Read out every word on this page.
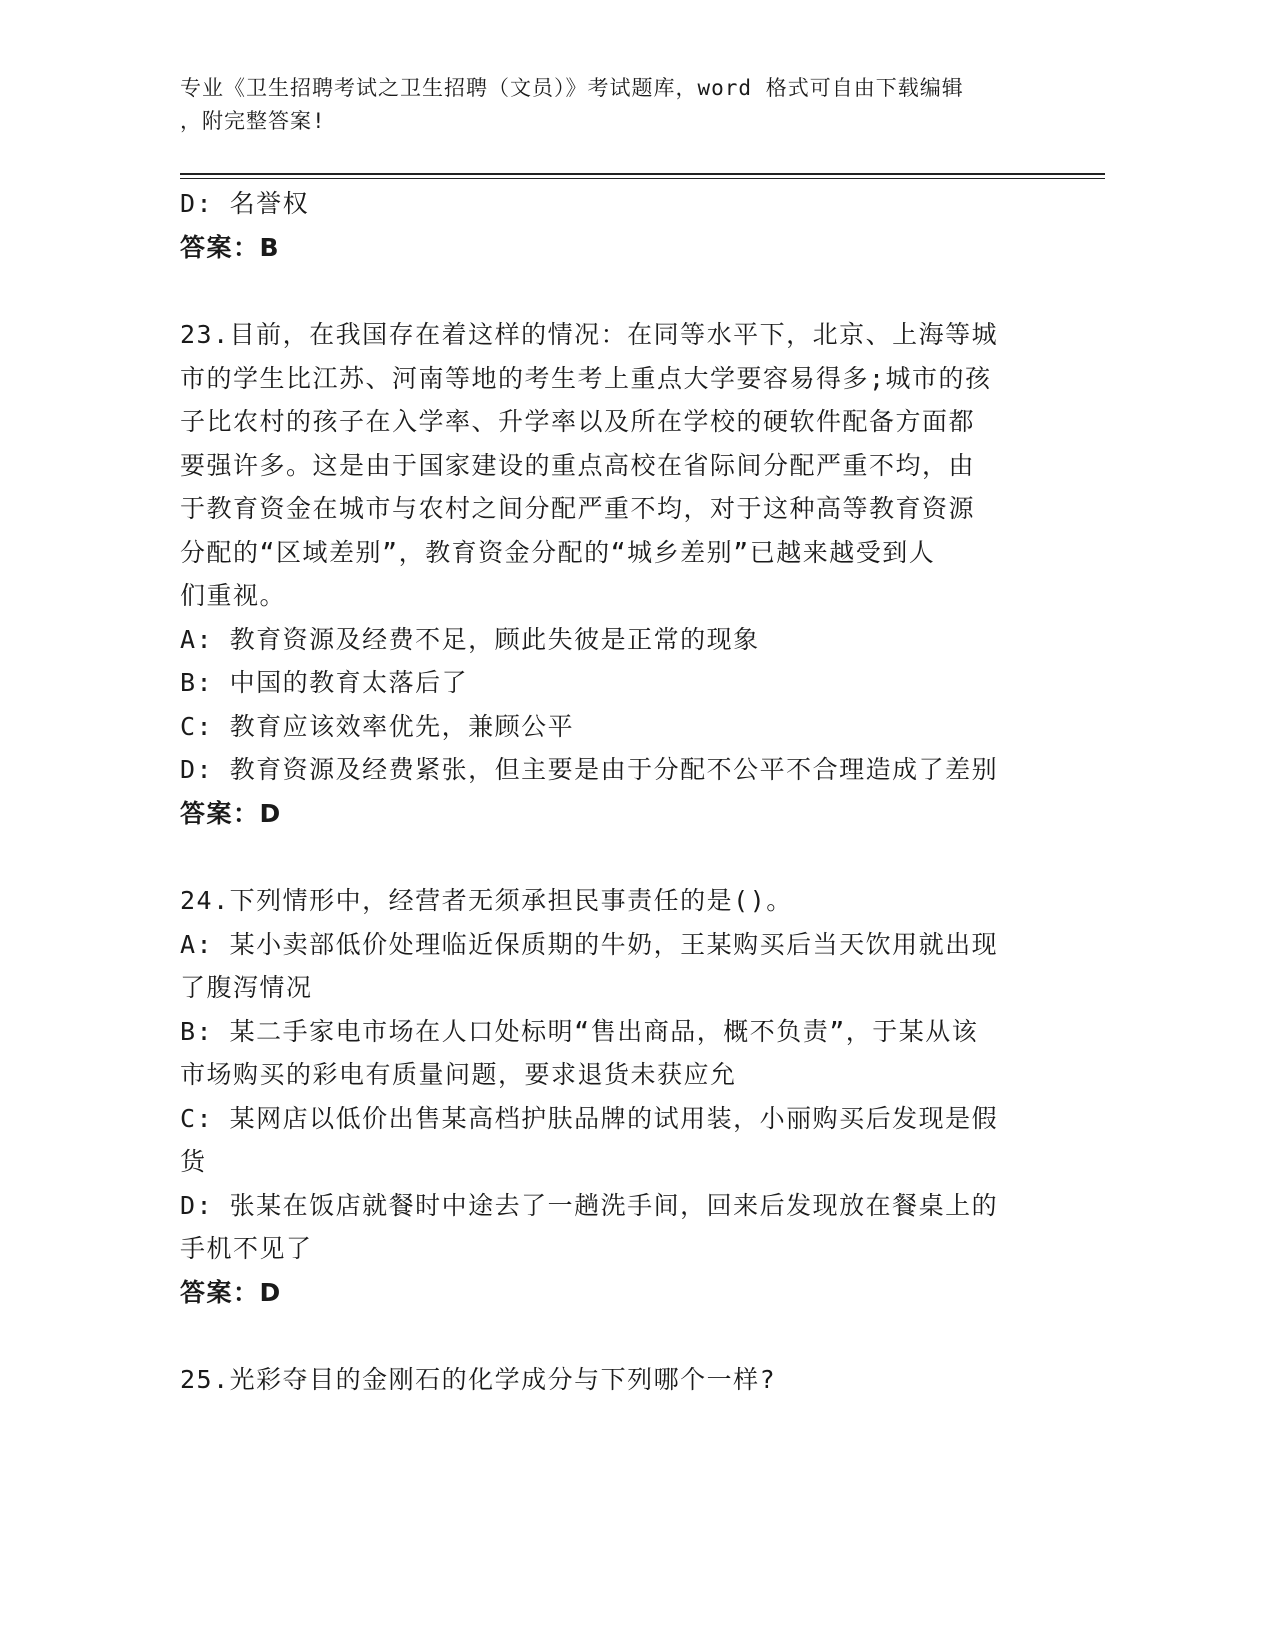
专业《卫生招聘考试之卫生招聘（文员）》考试题库，word 格式可自由下载编辑
，附完整答案!

D: 名誉权

答案：B

23.目前，在我国存在着这样的情况：在同等水平下，北京、上海等城

市的学生比江苏、河南等地的考生考上重点大学要容易得多;城市的孩

子比农村的孩子在入学率、升学率以及所在学校的硬软件配备方面都

要强许多。这是由于国家建设的重点高校在省际间分配严重不均，由

于教育资金在城市与农村之间分配严重不均，对于这种高等教育资源

分配的“区域差别”，教育资金分配的“城乡差别”已越来越受到人

们重视。

A: 教育资源及经费不足，顾此失彼是正常的现象

B: 中国的教育太落后了

C: 教育应该效率优先，兼顾公平

D: 教育资源及经费紧张，但主要是由于分配不公平不合理造成了差别

答案：D

24.下列情形中，经营者无须承担民事责任的是()。

A: 某小卖部低价处理临近保质期的牛奶，王某购买后当天饮用就出现

了腹泻情况

B: 某二手家电市场在人口处标明“售出商品，概不负责”，于某从该

市场购买的彩电有质量问题，要求退货未获应允

C: 某网店以低价出售某高档护肤品牌的试用装，小丽购买后发现是假

货

D: 张某在饭店就餐时中途去了一趟洗手间，回来后发现放在餐桌上的

手机不见了

答案：D

25.光彩夺目的金刚石的化学成分与下列哪个一样?
